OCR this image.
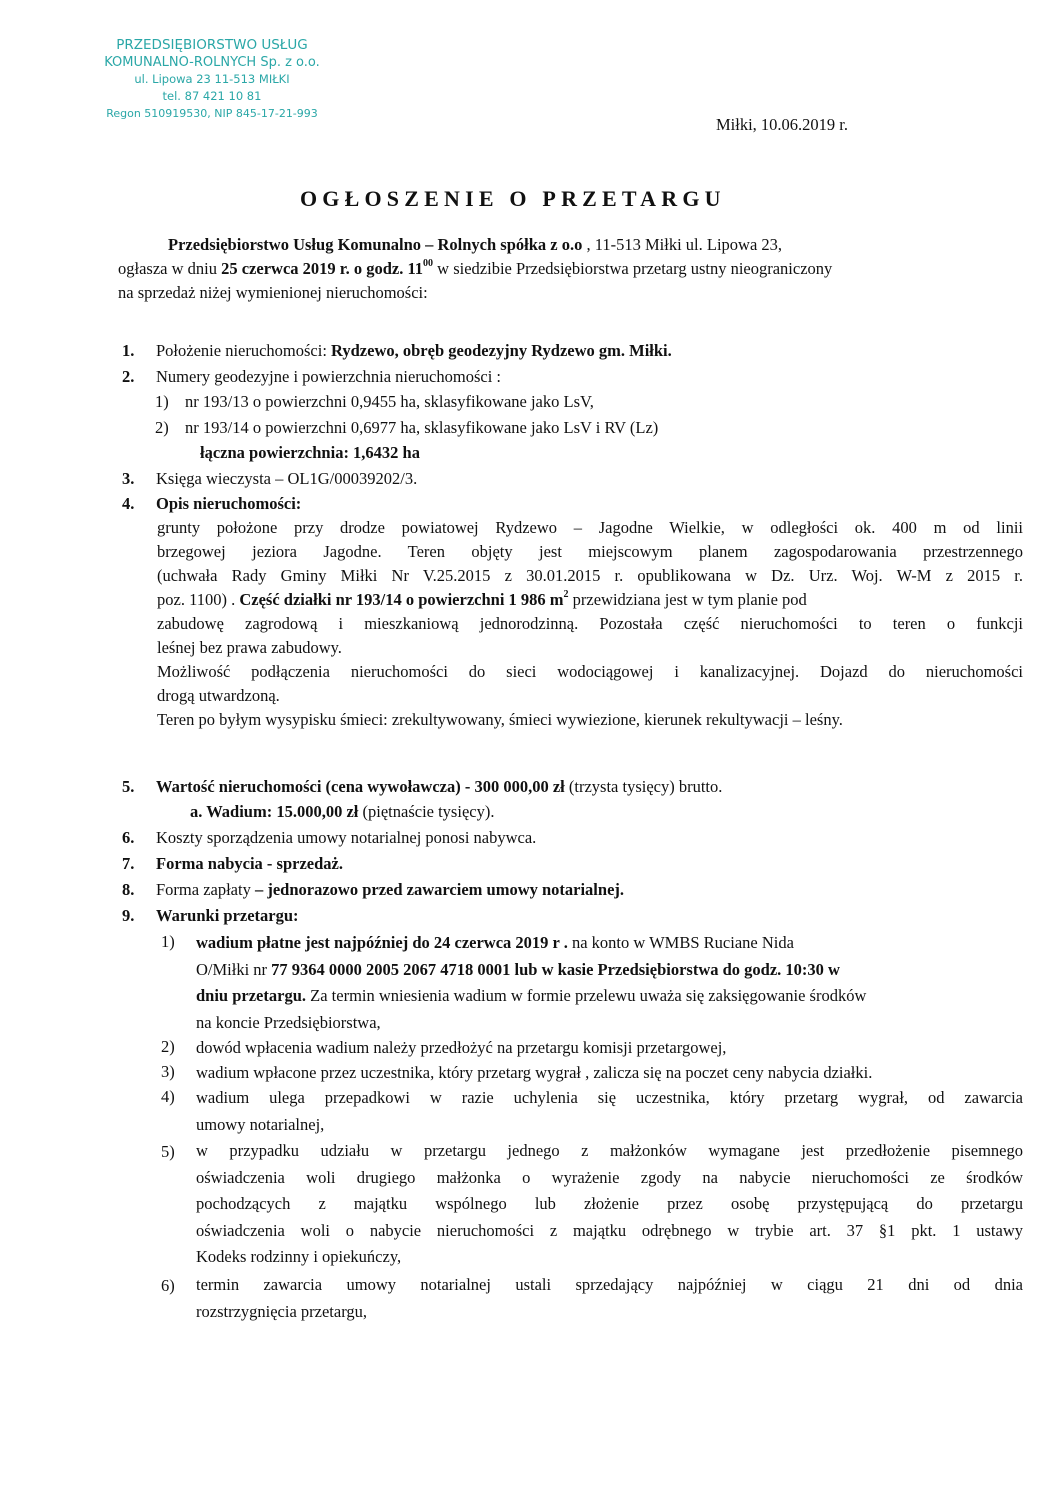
PRZEDSIĘBIORSTWO USŁUG
KOMUNALNO-ROLNYCH Sp. z o.o.
ul. Lipowa 23 11-513 MIŁKI
tel. 87 421 10 81
Regon 510919530, NIP 845-17-21-993
Miłki, 10.06.2019 r.
OGŁOSZENIE O PRZETARGU

Przedsiębiorstwo Usług Komunalno – Rolnych spółka z o.o , 11-513 Miłki ul. Lipowa 23,

ogłasza w dniu 25 czerwca 2019 r. o godz. $11^{00}$ w siedzibie Przedsiębiorstwa przetarg ustny nieograniczony

na sprzedaż niżej wymienionej nieruchomości:

1.	Położenie nieruchomości: Rydzewo, obręb geodezyjny Rydzewo gm. Miłki.
2.	Numery geodezyjne i powierzchnia nieruchomości :
1) nr 193/13 o powierzchni 0,9455 ha, sklasyfikowane jako LsV,
2) nr 193/14 o powierzchni 0,6977 ha, sklasyfikowane jako LsV i RV (Lz)
łączna powierzchnia: 1,6432 ha
3.	Księga wieczysta – OL1G/00039202/3.
4.	Opis nieruchomości:
grunty położone przy drodze powiatowej Rydzewo – Jagodne Wielkie, w odległości ok. 400 m od linii
brzegowej jeziora Jagodne. Teren objęty jest miejscowym planem zagospodarowania przestrzennego
(uchwała Rady Gminy Miłki Nr V.25.2015 z 30.01.2015 r. opublikowana w Dz. Urz. Woj. W-M z 2015 r.
poz. 1100) . Część działki nr 193/14 o powierzchni 1 986 $m^2$ przewidziana jest w tym planie pod
zabudowę zagrodową i mieszkaniową jednorodzinną. Pozostała część nieruchomości to teren o funkcji
leśnej bez prawa zabudowy.
Możliwość podłączenia nieruchomości do sieci wodociągowej i kanalizacyjnej. Dojazd do nieruchomości
drogą utwardzoną.
Teren po byłym wysypisku śmieci: zrekultywowany, śmieci wywiezione, kierunek rekultywacji – leśny.
5.	Wartość nieruchomości (cena wywoławcza) - 300 000,00 zł (trzysta tysięcy) brutto.
a. Wadium: 15.000,00 zł (piętnaście tysięcy).
6.	Koszty sporządzenia umowy notarialnej ponosi nabywca.
7.	Forma nabycia - sprzedaż.
8.	Forma zapłaty – jednorazowo przed zawarciem umowy notarialnej.
9.	Warunki przetargu:
1)	wadium płatne jest najpóźniej do 24 czerwca 2019 r . na konto w WMBS Ruciane Nida
O/Miłki nr 77 9364 0000 2005 2067 4718 0001 lub w kasie Przedsiębiorstwa do godz. 10:30 w
dniu przetargu. Za termin wniesienia wadium w formie przelewu uważa się zaksięgowanie środków
na koncie Przedsiębiorstwa,
2)	dowód wpłacenia wadium należy przedłożyć na przetargu komisji przetargowej,
3)	wadium wpłacone przez uczestnika, który przetarg wygrał , zalicza się na poczet ceny nabycia działki.
4)	wadium ulega przepadkowi w razie uchylenia się uczestnika, który przetarg wygrał, od zawarcia
umowy notarialnej,
5)	w przypadku udziału w przetargu jednego z małżonków wymagane jest przedłożenie pisemnego
oświadczenia woli drugiego małżonka o wyrażenie zgody na nabycie nieruchomości ze środków
pochodzących z majątku wspólnego lub złożenie przez osobę przystępującą do przetargu
oświadczenia woli o nabycie nieruchomości z majątku odrębnego w trybie art. 37 §1 pkt. 1 ustawy
Kodeks rodzinny i opiekuńczy,
6)	termin zawarcia umowy notarialnej ustali sprzedający najpóźniej w ciągu 21 dni od dnia
rozstrzygnięcia przetargu,
